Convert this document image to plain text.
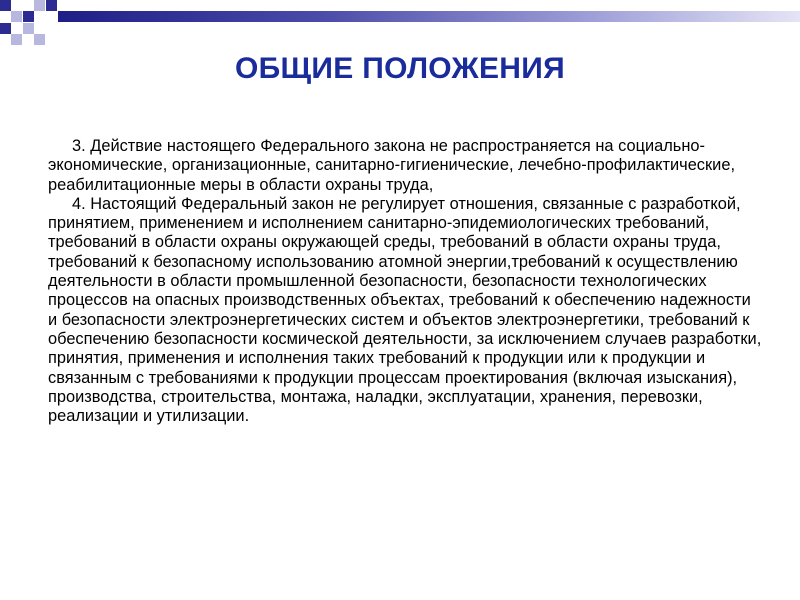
ОБЩИЕ ПОЛОЖЕНИЯ

3. Действие настоящего Федерального закона не распространяется на социально-экономические, организационные, санитарно-гигиенические, лечебно-профилактические, реабилитационные меры в области охраны труда,

4. Настоящий Федеральный закон не регулирует отношения, связанные с разработкой, принятием, применением и исполнением санитарно-эпидемиологических требований, требований в области охраны окружающей среды, требований в области охраны труда, требований к безопасному использованию атомной энергии,требований к осуществлению деятельности в области промышленной безопасности, безопасности технологических процессов на опасных производственных объектах, требований к обеспечению надежности и безопасности электроэнергетических систем и объектов электроэнергетики, требований к обеспечению безопасности космической деятельности, за исключением случаев разработки, принятия, применения и исполнения таких требований к продукции или к продукции и связанным с требованиями к продукции процессам проектирования (включая изыскания), производства, строительства, монтажа, наладки, эксплуатации, хранения, перевозки, реализации и утилизации.
